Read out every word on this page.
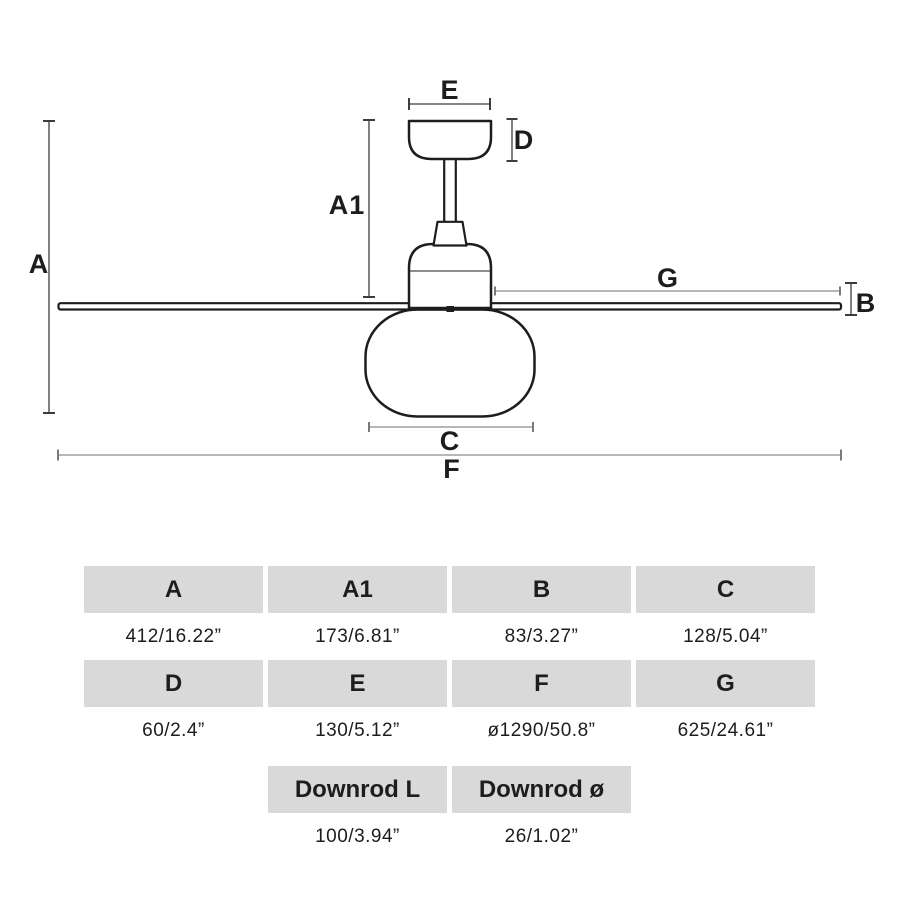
A
A1
E
D
G
B
C
F
A	A1	B	C
412/16.22”	173/6.81”	83/3.27”	128/5.04”
D	E	F	G
60/2.4”	130/5.12”	ø1290/50.8”	625/24.61”
Downrod L	Downrod ø
100/3.94”	26/1.02”
